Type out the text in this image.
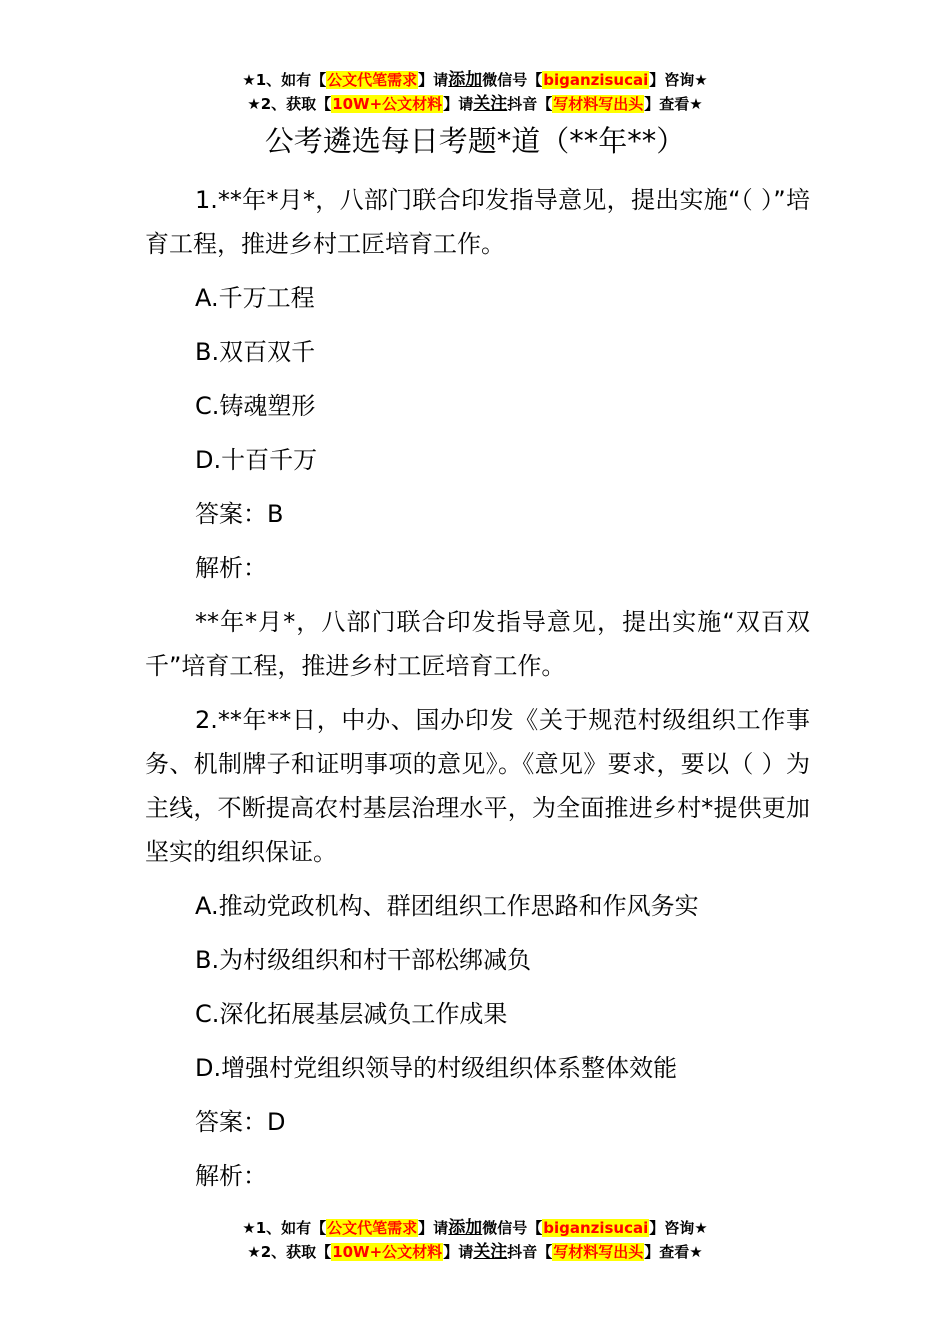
★1、如有【公文代笔需求】请添加微信号【biganzisucai】咨询★
★2、获取【10W+公文材料】请关注抖音【写材料写出头】查看★
公考遴选每日考题*道（**年**）

1.**年*月*，八部门联合印发指导意见，提出实施“（ ）”培育工程，推进乡村工匠培育工作。

A.千万工程

B.双百双千

C.铸魂塑形

D.十百千万

答案：B

解析：

**年*月*，八部门联合印发指导意见，提出实施“双百双千”培育工程，推进乡村工匠培育工作。

2.**年**日，中办、国办印发《关于规范村级组织工作事务、机制牌子和证明事项的意见》。《意见》要求，要以（ ）为主线，不断提高农村基层治理水平，为全面推进乡村*提供更加坚实的组织保证。

A.推动党政机构、群团组织工作思路和作风务实

B.为村级组织和村干部松绑减负

C.深化拓展基层减负工作成果

D.增强村党组织领导的村级组织体系整体效能

答案：D

解析：

★1、如有【公文代笔需求】请添加微信号【biganzisucai】咨询★
★2、获取【10W+公文材料】请关注抖音【写材料写出头】查看★
